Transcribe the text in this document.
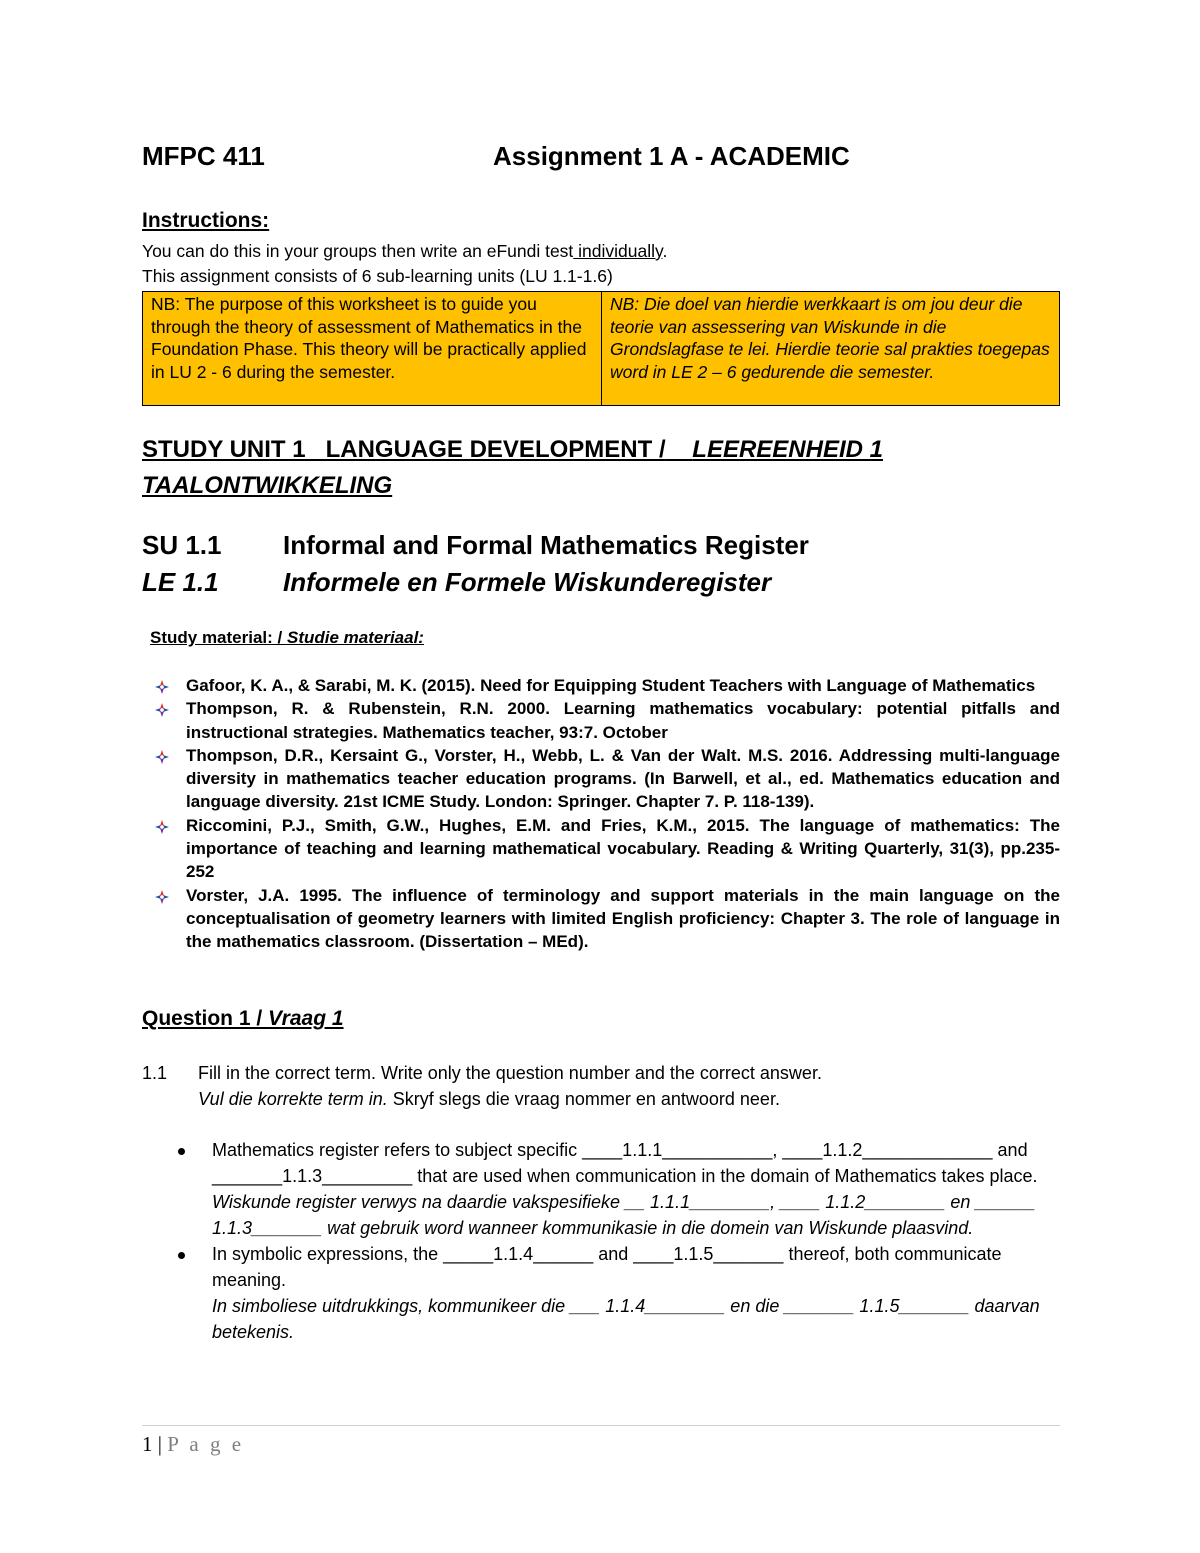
MFPC 411	Assignment 1 A - ACADEMIC
Instructions:
You can do this in your groups then write an eFundi test individually.
This assignment consists of 6 sub-learning units (LU 1.1-1.6)
NB: The purpose of this worksheet is to guide you through the theory of assessment of Mathematics in the Foundation Phase. This theory will be practically applied in LU 2 - 6 during the semester.
NB: Die doel van hierdie werkkaart is om jou deur die teorie van assessering van Wiskunde in die Grondslagfase te lei. Hierdie teorie sal prakties toegepas word in LE 2 – 6 gedurende die semester.
STUDY UNIT 1   LANGUAGE DEVELOPMENT / LEEREENHEID 1 TAALONTWIKKELING
SU 1.1 Informal and Formal Mathematics Register
LE 1.1 Informele en Formele Wiskunderegister
Study material: / Studie materiaal:
Gafoor, K. A., & Sarabi, M. K. (2015). Need for Equipping Student Teachers with Language of Mathematics
Thompson, R. & Rubenstein, R.N. 2000. Learning mathematics vocabulary: potential pitfalls and instructional strategies. Mathematics teacher, 93:7. October
Thompson, D.R., Kersaint G., Vorster, H., Webb, L. & Van der Walt. M.S. 2016. Addressing multi-language diversity in mathematics teacher education programs. (In Barwell, et al., ed. Mathematics education and language diversity. 21st ICME Study. London: Springer. Chapter 7. P. 118-139).
Riccomini, P.J., Smith, G.W., Hughes, E.M. and Fries, K.M., 2015. The language of mathematics: The importance of teaching and learning mathematical vocabulary. Reading & Writing Quarterly, 31(3), pp.235-252
Vorster, J.A. 1995. The influence of terminology and support materials in the main language on the conceptualisation of geometry learners with limited English proficiency: Chapter 3. The role of language in the mathematics classroom. (Dissertation – MEd).
Question 1 / Vraag 1
1.1 Fill in the correct term. Write only the question number and the correct answer.
Vul die korrekte term in. Skryf slegs die vraag nommer en antwoord neer.
Mathematics register refers to subject specific ____1.1.1___________, ____1.1.2_____________ and _______1.1.3_________ that are used when communication in the domain of Mathematics takes place.
Wiskunde register verwys na daardie vakspesifieke __ 1.1.1________, ____ 1.1.2________ en ______ 1.1.3_______ wat gebruik word wanneer kommunikasie in die domein van Wiskunde plaasvind.
In symbolic expressions, the _____1.1.4______ and ____1.1.5_______ thereof, both communicate meaning.
In simboliese uitdrukkings, kommunikeer die ___ 1.1.4________ en die _______ 1.1.5_______ daarvan betekenis.
1 | P a g e
